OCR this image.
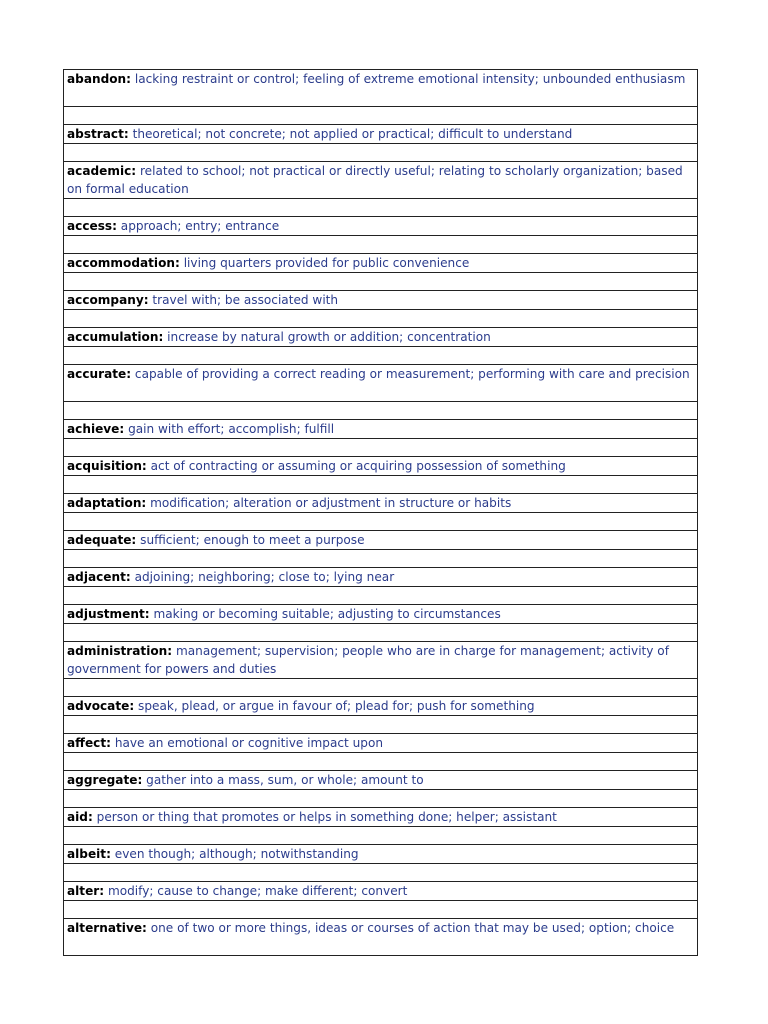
abandon: lacking restraint or control; feeling of extreme emotional intensity; unbounded enthusiasm

abstract: theoretical; not concrete; not applied or practical; difficult to understand

academic: related to school; not practical or directly useful; relating to scholarly organization; based on formal education

access: approach; entry; entrance

accommodation: living quarters provided for public convenience

accompany: travel with; be associated with

accumulation: increase by natural growth or addition; concentration

accurate: capable of providing a correct reading or measurement; performing with care and precision

achieve: gain with effort; accomplish; fulfill

acquisition: act of contracting or assuming or acquiring possession of something

adaptation: modification; alteration or adjustment in structure or habits

adequate: sufficient; enough to meet a purpose

adjacent: adjoining; neighboring; close to; lying near

adjustment: making or becoming suitable; adjusting to circumstances

administration: management; supervision; people who are in charge for management; activity of government for powers and duties

advocate: speak, plead, or argue in favour of; plead for; push for something

affect: have an emotional or cognitive impact upon

aggregate: gather into a mass, sum, or whole; amount to

aid: person or thing that promotes or helps in something done; helper; assistant

albeit: even though; although; notwithstanding

alter: modify; cause to change; make different; convert

alternative: one of two or more things, ideas or courses of action that may be used; option; choice
